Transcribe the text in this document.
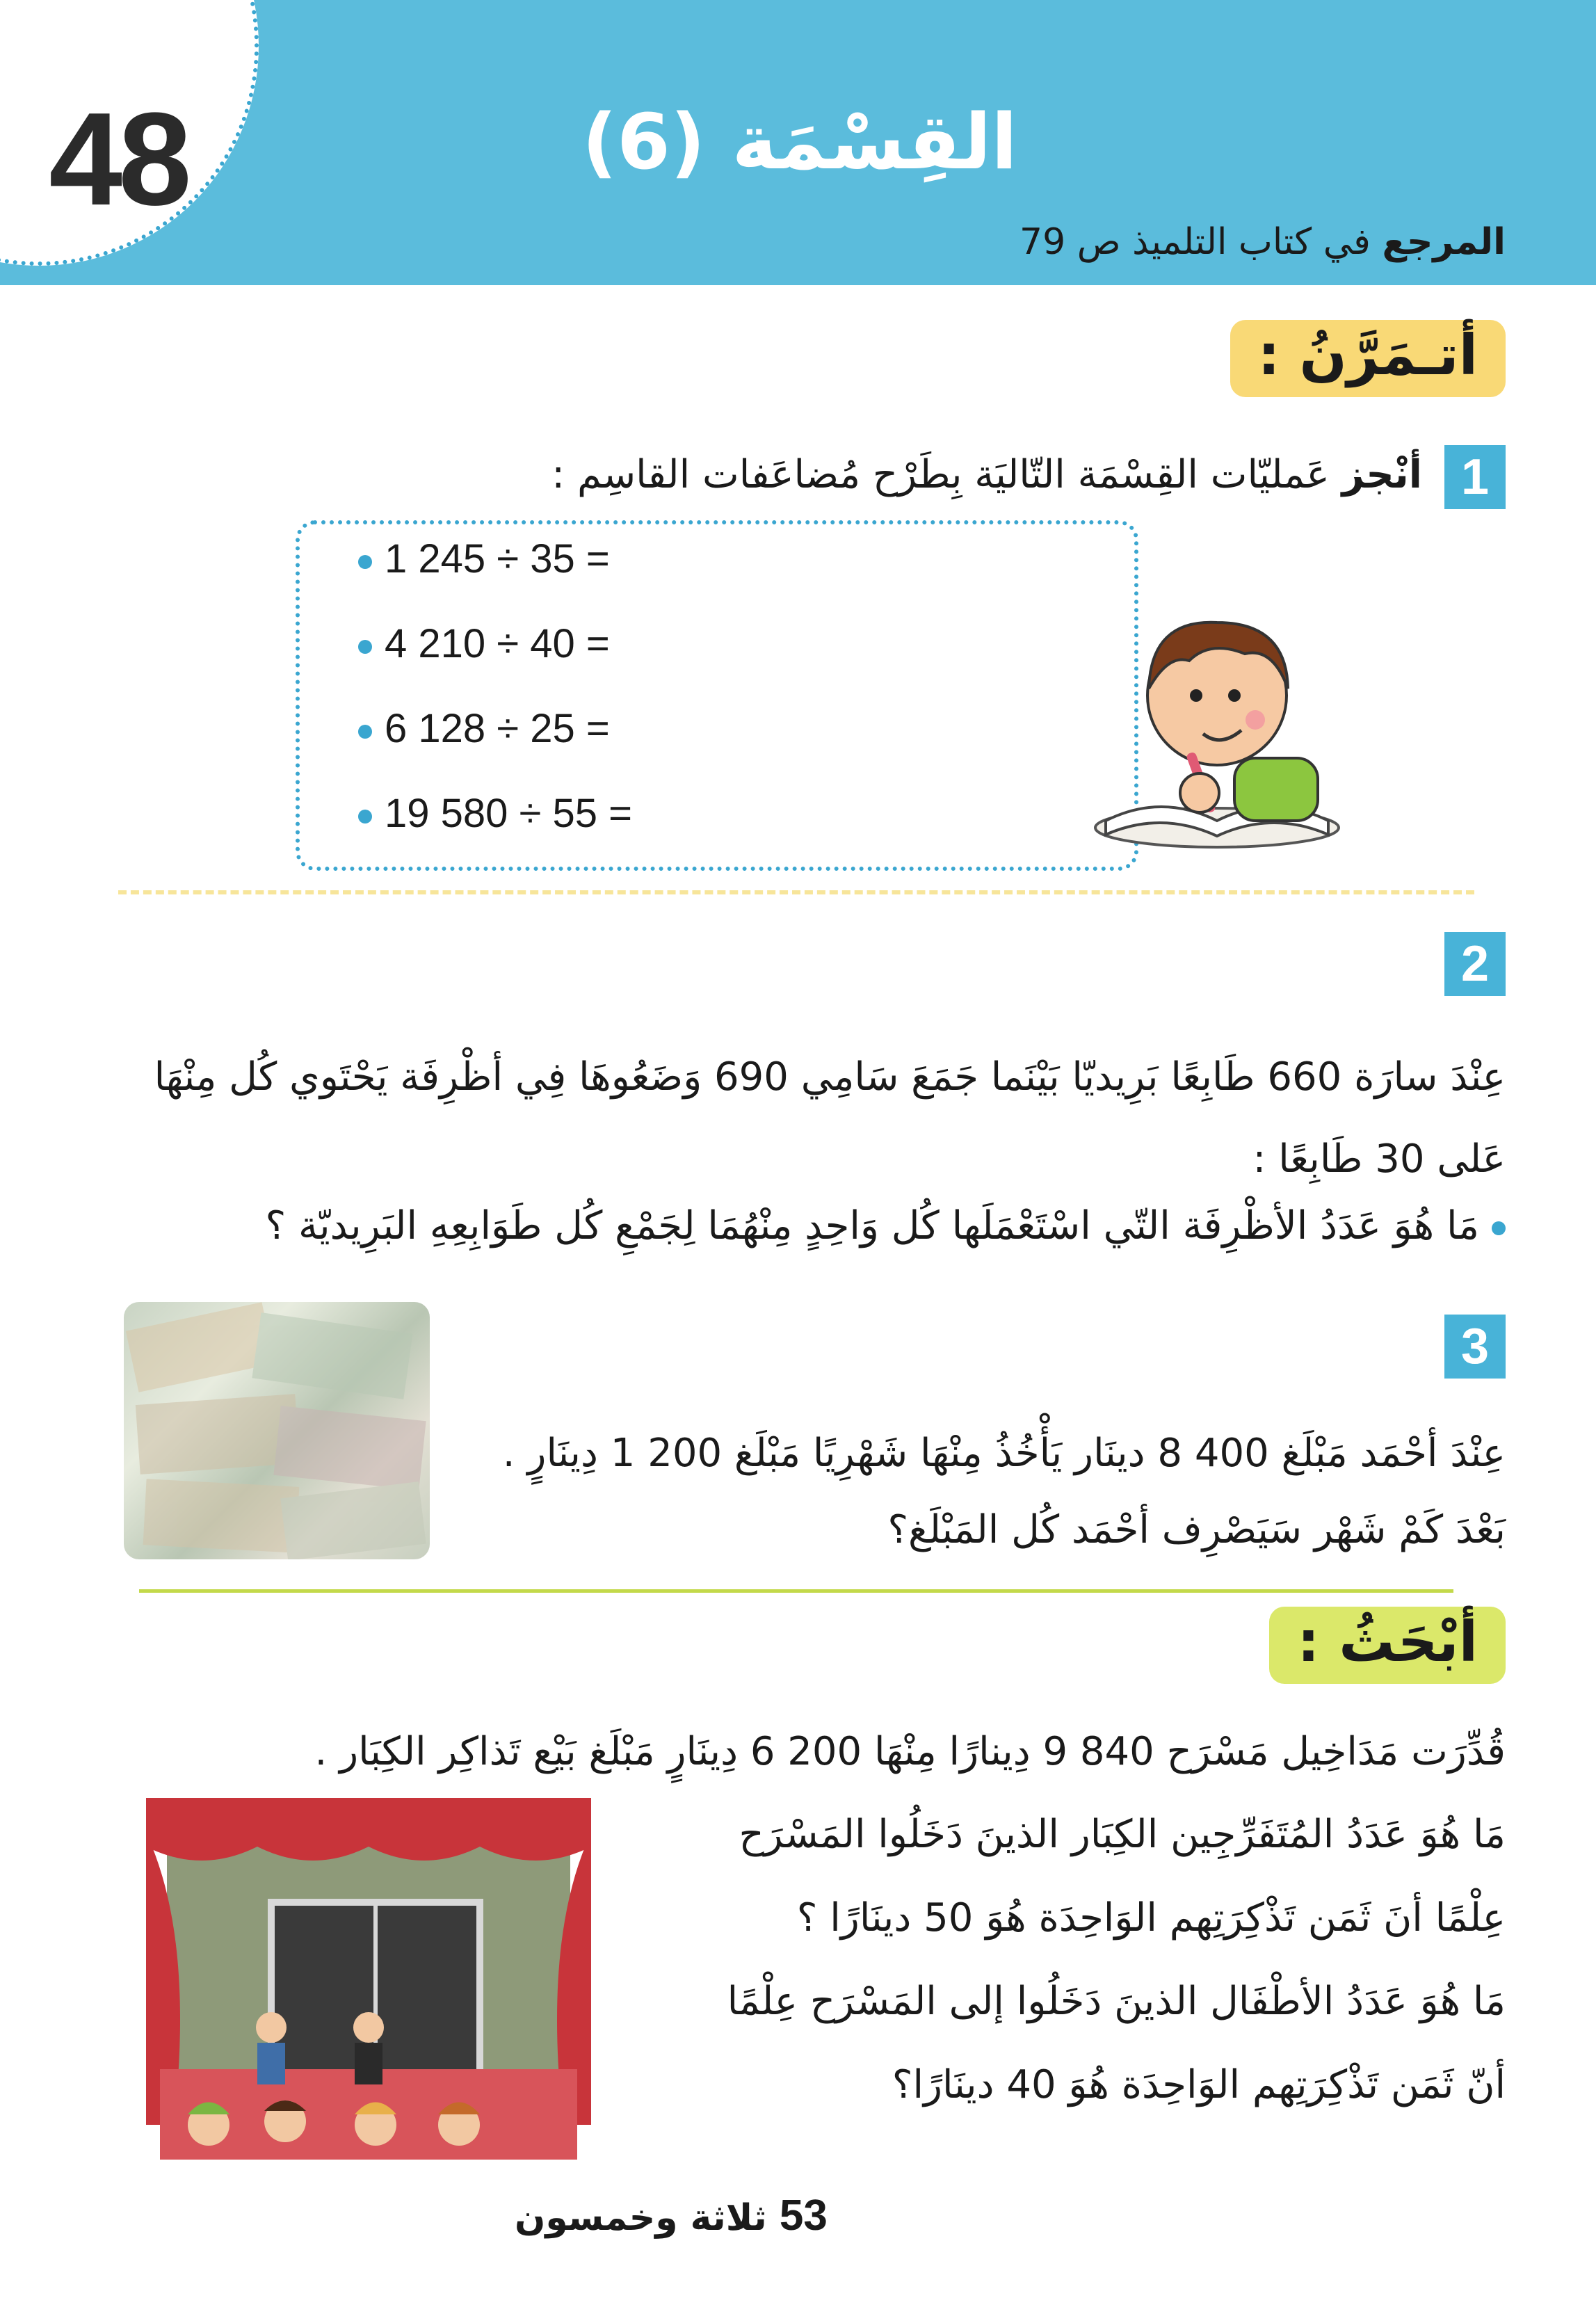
48	القِسْمَة (6)
المرجع في كتاب التلميذ ص 79
أتـمَرَّنُ :
1
أنْجز عَمليّات القِسْمَة التّاليَة بِطَرْح مُضاعَفات القاسِم :
1 245 ÷ 35 =
4 210 ÷ 40 =
6 128 ÷ 25 =
19 580 ÷ 55 =
2
عِنْدَ سارَة 660 طَابِعًا بَرِيديّا بَيْنَما جَمَعَ سَامِي 690 وَضَعُوهَا فِي أظْرِفَة يَحْتَوي كُل مِنْهَا عَلى 30 طَابِعًا :
مَا هُوَ عَدَدُ الأظْرِفَة التّي اسْتَعْمَلَها كُل وَاحِدٍ مِنْهُمَا لِجَمْعِ كُل طَوَابِعِهِ البَرِيديّة ؟
3
عِنْدَ أحْمَد مَبْلَغ 400 8 دينَار يَأْخُذُ مِنْهَا شَهْرِيًا مَبْلَغ 200 1 دِينَارٍ .
بَعْدَ كَمْ شَهْر سَيَصْرِف أحْمَد كُل المَبْلَغ؟
أبْحَثُ :
قُدِّرَت مَدَاخِيل مَسْرَح 840 9 دِينارًا مِنْهَا 200 6 دِينَارٍ مَبْلَغ بَيْع تَذاكِر الكِبَار .
مَا هُوَ عَدَدُ المُتَفَرِّجِين الكِبَار الذينَ دَخَلُوا المَسْرَح
عِلْمًا أنَ ثَمَن تَذْكِرَتِهم الوَاحِدَة هُوَ 50 دينَارًا ؟
مَا هُوَ عَدَدُ الأطْفَال الذينَ دَخَلُوا إلى المَسْرَح عِلْمًا
أنّ ثَمَن تَذْكِرَتِهم الوَاحِدَة هُوَ 40 دينَارًا؟
53 ثلاثة وخمسون
